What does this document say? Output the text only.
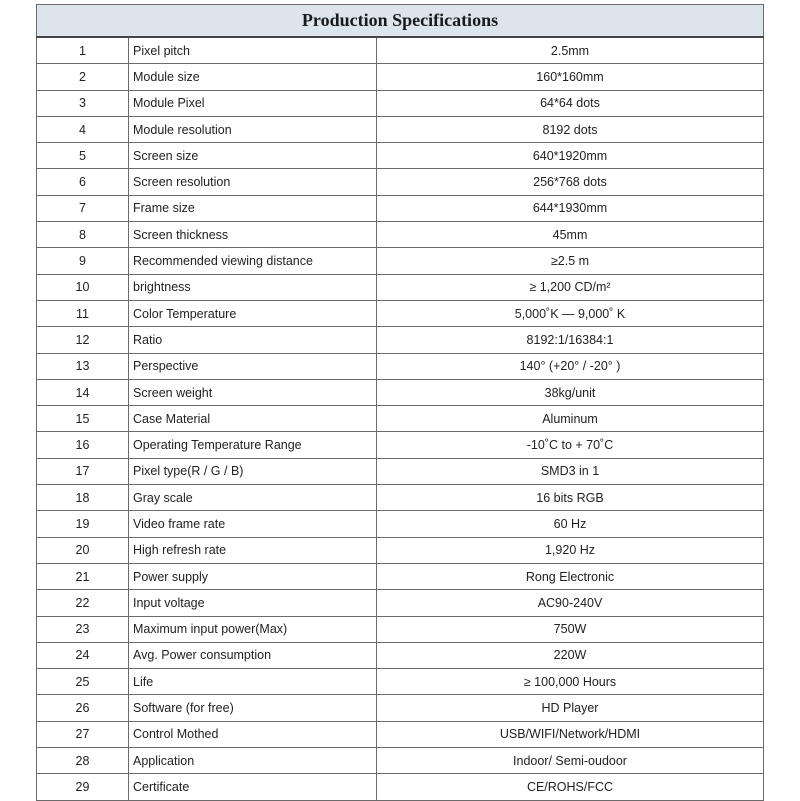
Production Specifications		
1	Pixel pitch	2.5mm
2	Module size	160*160mm
3	Module Pixel	64*64 dots
4	Module resolution	8192 dots
5	Screen size	640*1920mm
6	Screen resolution	256*768 dots
7	Frame size	644*1930mm
8	Screen thickness	45mm
9	Recommended viewing distance	≥2.5 m
10	brightness	≥ 1,200 CD/m²
11	Color Temperature	5,000˚K — 9,000˚ K
12	Ratio	8192:1/16384:1
13	Perspective	140° (+20° / -20° )
14	Screen weight	38kg/unit
15	Case Material	Aluminum
16	Operating Temperature Range	-10˚C to + 70˚C
17	Pixel type(R / G / B)	SMD3 in 1
18	Gray scale	16 bits RGB
19	Video frame rate	60 Hz
20	High refresh rate	1,920 Hz
21	Power supply	Rong Electronic
22	Input voltage	AC90-240V
23	Maximum input power(Max)	750W
24	Avg. Power consumption	220W
25	Life	≥ 100,000 Hours
26	Software (for free)	HD Player
27	Control Mothed	USB/WIFI/Network/HDMI
28	Application	Indoor/ Semi-oudoor
29	Certificate	CE/ROHS/FCC
